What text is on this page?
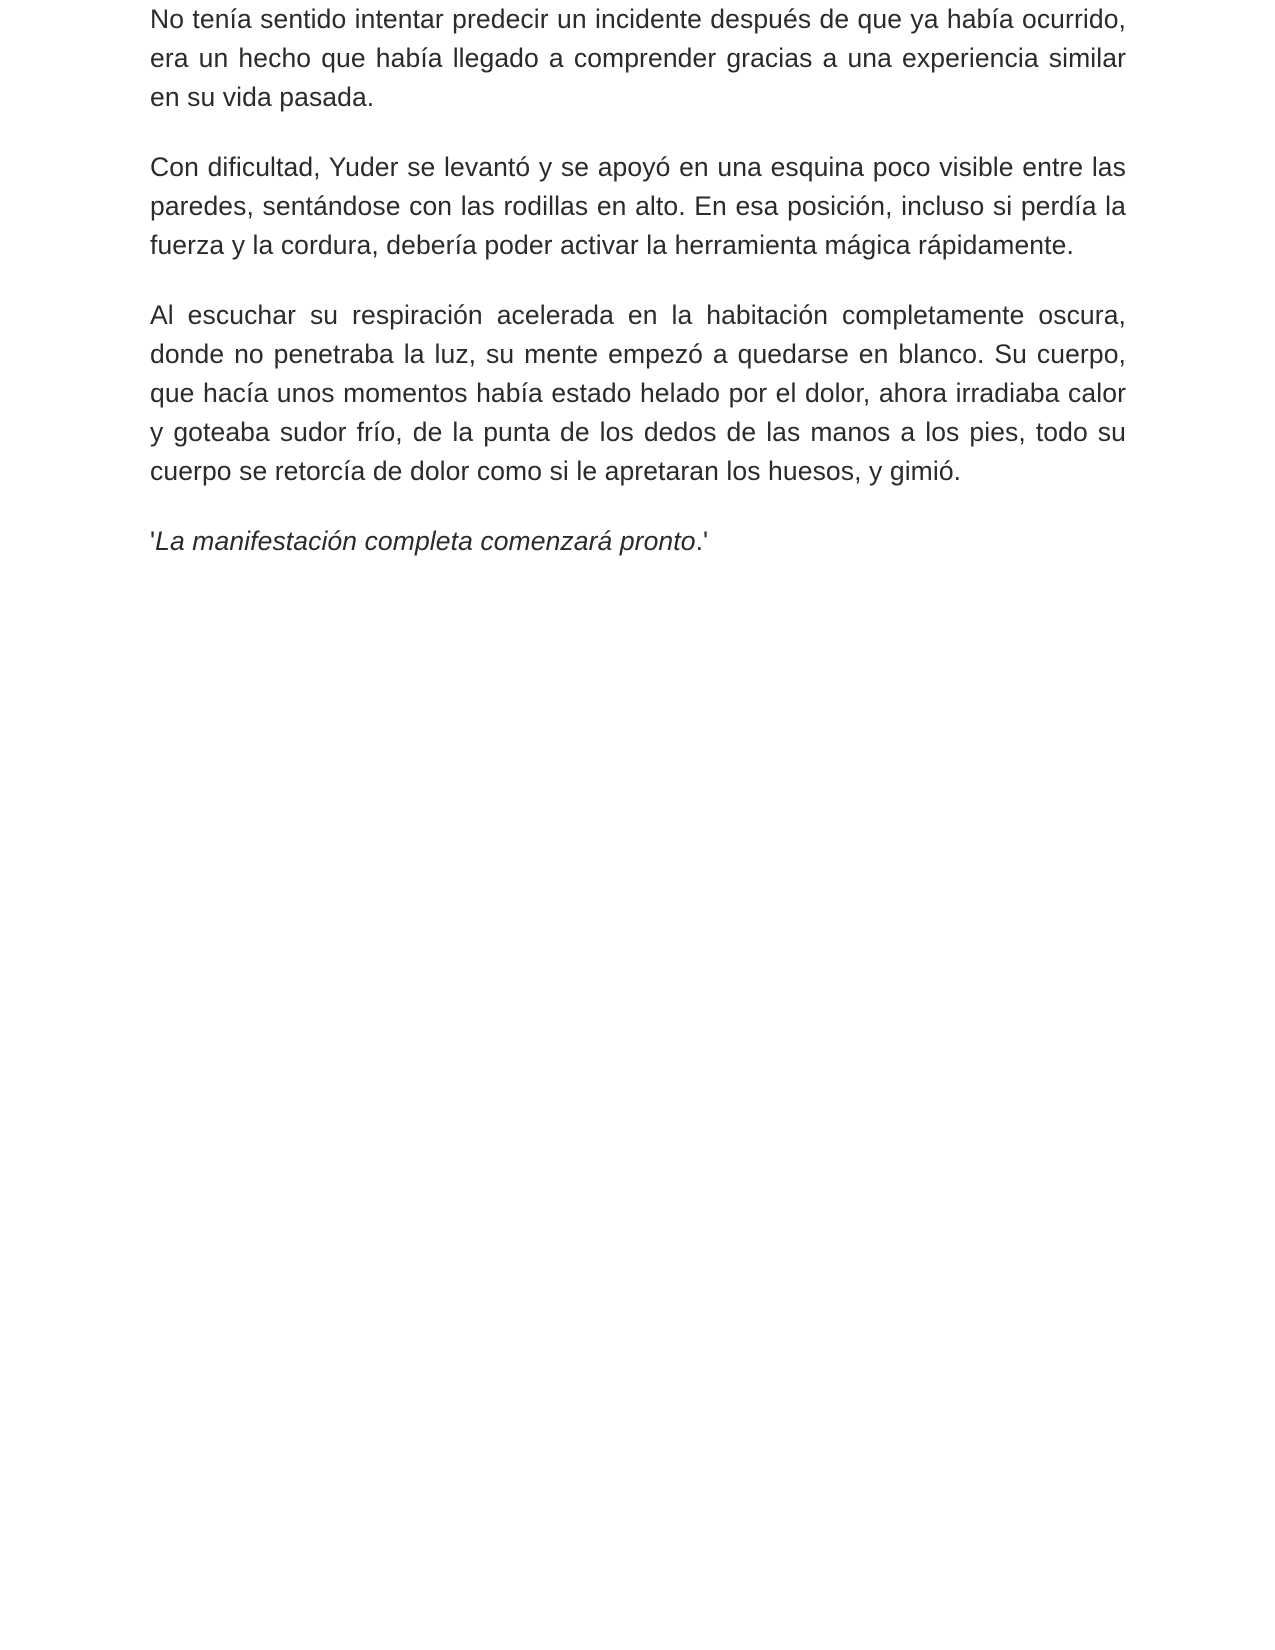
No tenía sentido intentar predecir un incidente después de que ya había ocurrido, era un hecho que había llegado a comprender gracias a una experiencia similar en su vida pasada.

Con dificultad, Yuder se levantó y se apoyó en una esquina poco visible entre las paredes, sentándose con las rodillas en alto. En esa posición, incluso si perdía la fuerza y la cordura, debería poder activar la herramienta mágica rápidamente.

Al escuchar su respiración acelerada en la habitación completamente oscura, donde no penetraba la luz, su mente empezó a quedarse en blanco. Su cuerpo, que hacía unos momentos había estado helado por el dolor, ahora irradiaba calor y goteaba sudor frío, de la punta de los dedos de las manos a los pies, todo su cuerpo se retorcía de dolor como si le apretaran los huesos, y gimió.

'La manifestación completa comenzará pronto.'
